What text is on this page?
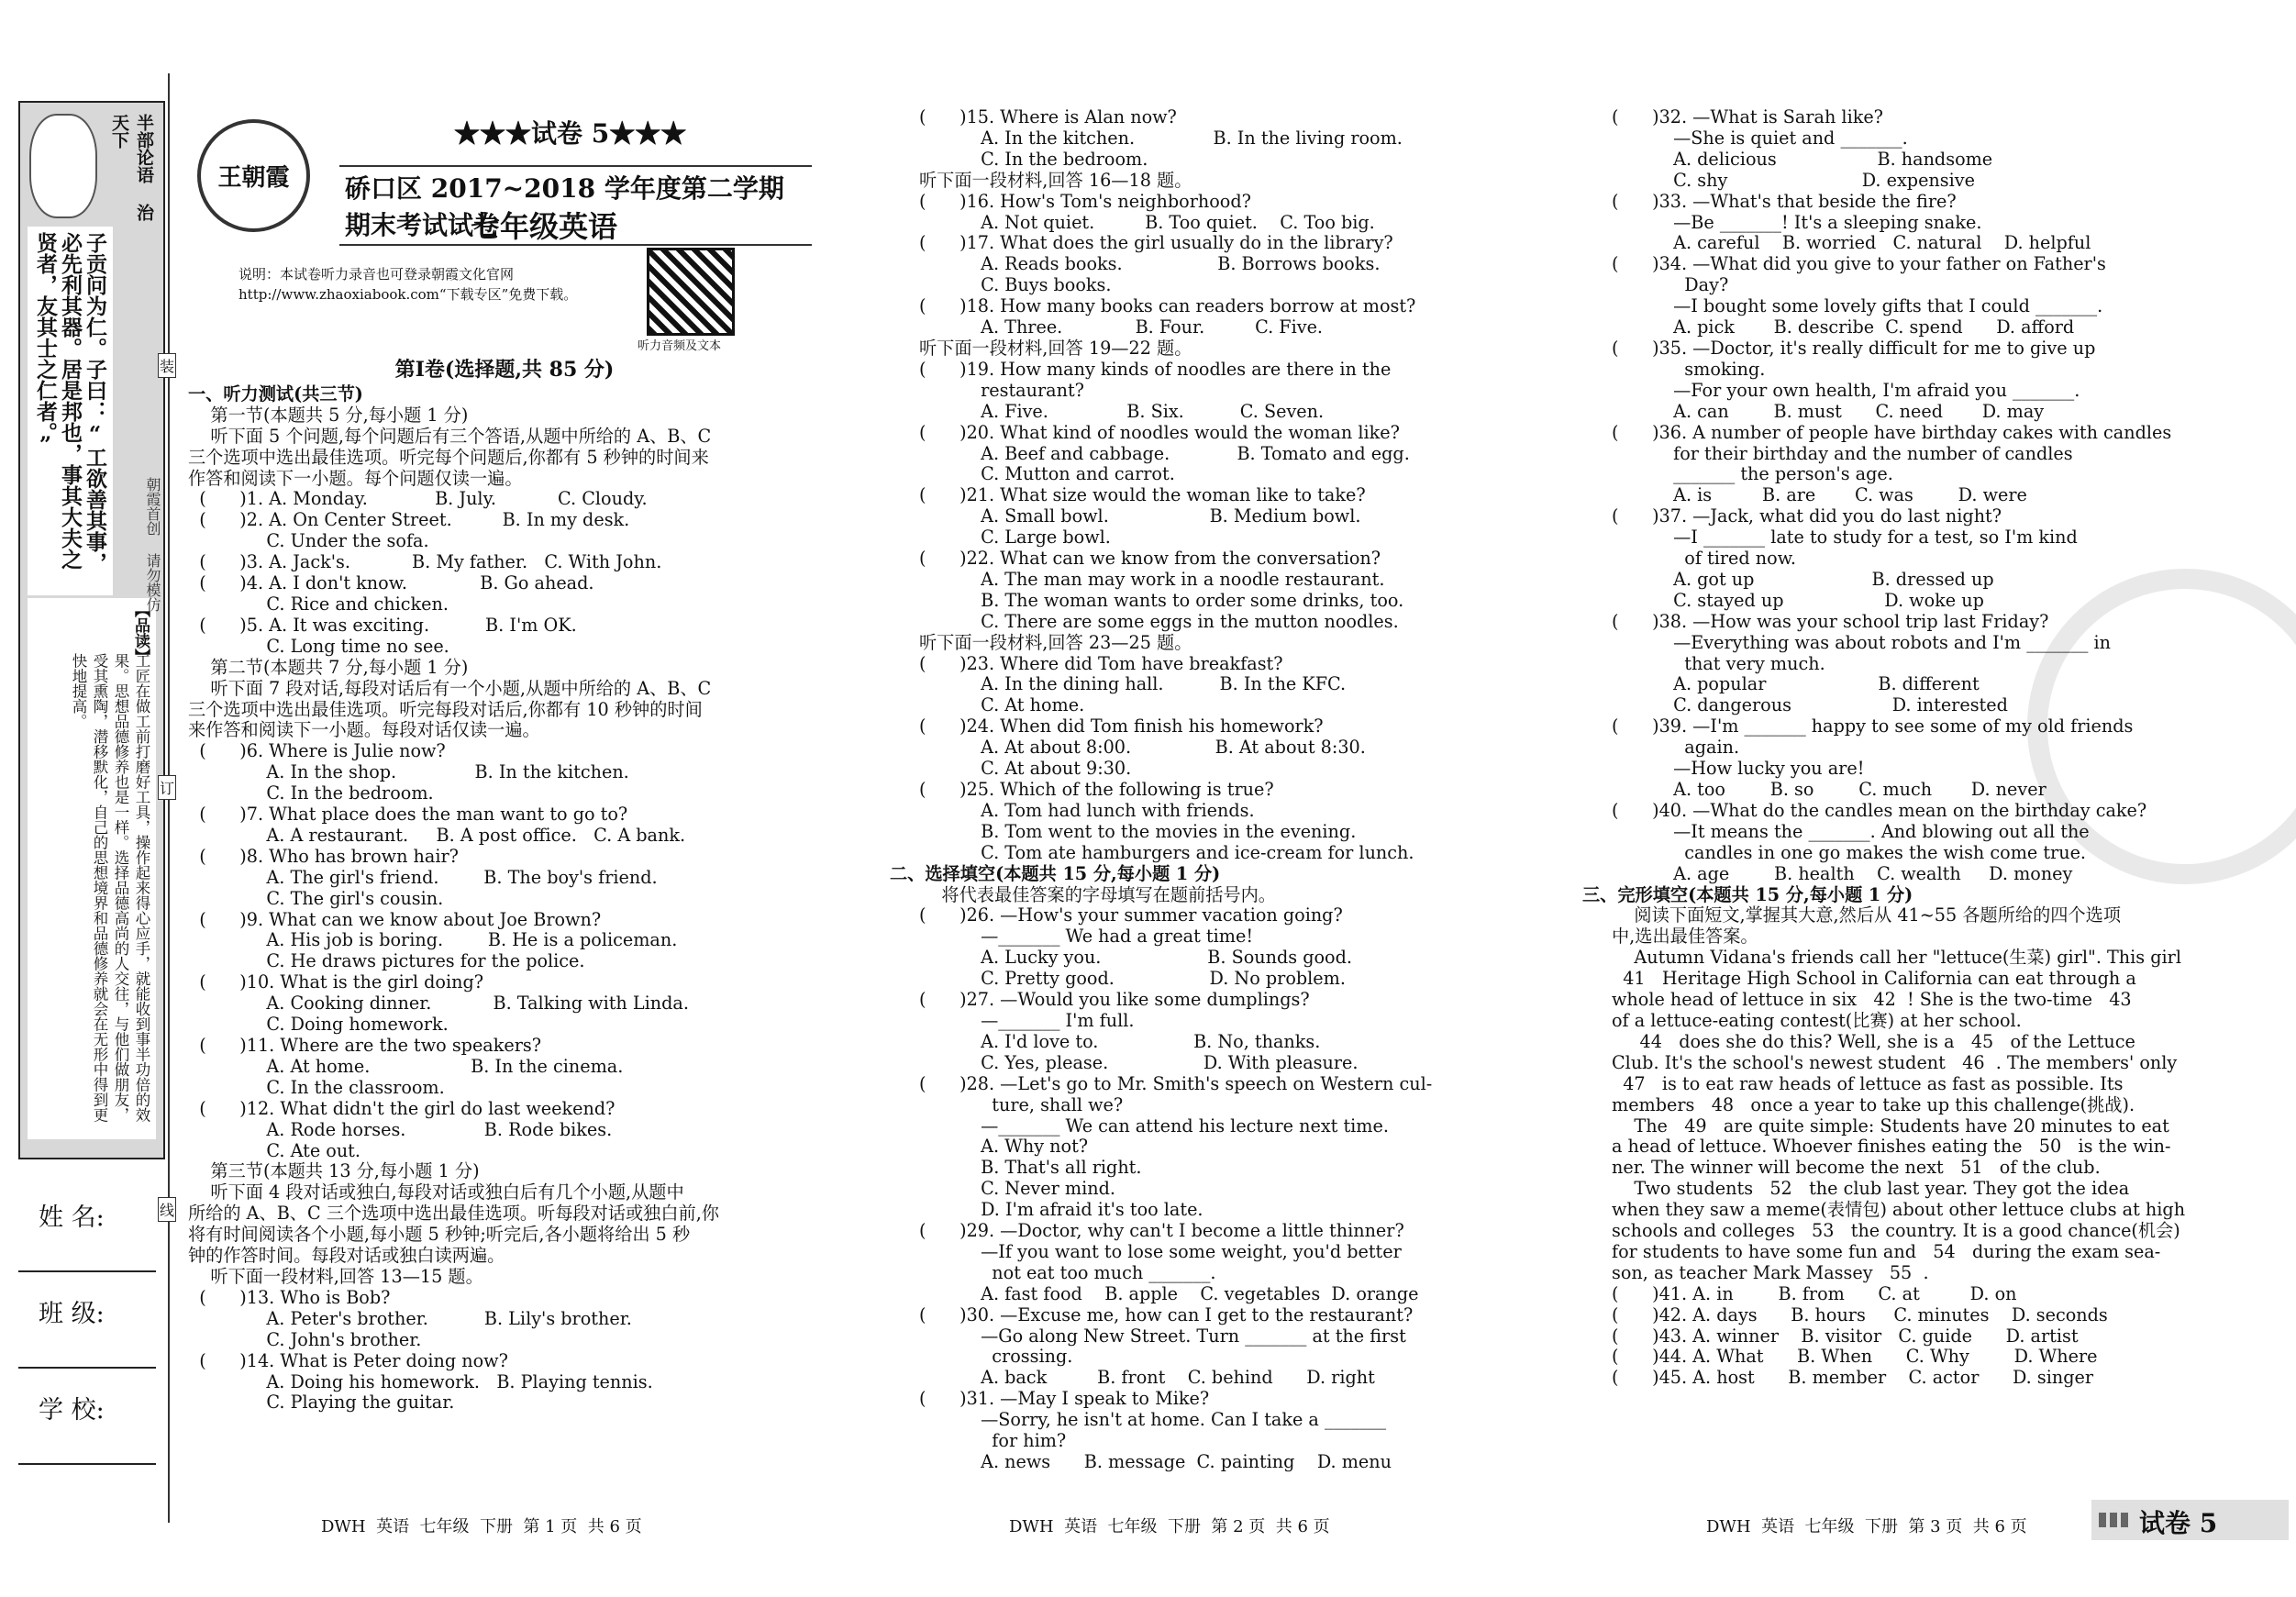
半部论语 治天下
子贡问为仁。子曰：“工欲善其事，必先利其器。居是邦也，事其大夫之贤者，友其士之仁者。”
【品读】
工匠在做工前打磨好工具，操作起来得心应手，就能收到事半功倍的效果。思想品德修养也是一样。选择品德高尚的人交往，与他们做朋友，受其熏陶，潜移默化，自己的思想境界和品德修养就会在无形中得到更快地提高。
朝霞首创 请勿模仿
姓 名:
班 级:
学 校:
装
订
线
王朝霞
★★★试卷 5★★★
硚口区 2017~2018 学年度第二学期期末考试试卷
七年级英语
说明：本试卷听力录音也可登录朝霞文化官网 http://www.zhaoxiabook.com“下载专区”免费下载。
听力音频及文本

第Ⅰ卷(选择题,共 85 分)

一、听力测试(共三节)

第一节(本题共 5 分,每小题 1 分)

听下面 5 个问题,每个问题后有三个答语,从题中所给的 A、B、C

三个选项中选出最佳选项。听完每个问题后,你都有 5 秒钟的时间来

作答和阅读下一小题。每个问题仅读一遍。

(      )1. A. Monday.            B. July.           C. Cloudy.

(      )2. A. On Center Street.         B. In my desk.

C. Under the sofa.

(      )3. A. Jack's.           B. My father.   C. With John.

(      )4. A. I don't know.             B. Go ahead.

C. Rice and chicken.

(      )5. A. It was exciting.          B. I'm OK.

C. Long time no see.

第二节(本题共 7 分,每小题 1 分)

听下面 7 段对话,每段对话后有一个小题,从题中所给的 A、B、C

三个选项中选出最佳选项。听完每段对话后,你都有 10 秒钟的时间

来作答和阅读下一小题。每段对话仅读一遍。

(      )6. Where is Julie now?

A. In the shop.              B. In the kitchen.

C. In the bedroom.

(      )7. What place does the man want to go to?

A. A restaurant.     B. A post office.   C. A bank.

(      )8. Who has brown hair?

A. The girl's friend.        B. The boy's friend.

C. The girl's cousin.

(      )9. What can we know about Joe Brown?

A. His job is boring.        B. He is a policeman.

C. He draws pictures for the police.

(      )10. What is the girl doing?

A. Cooking dinner.           B. Talking with Linda.

C. Doing homework.

(      )11. Where are the two speakers?

A. At home.                  B. In the cinema.

C. In the classroom.

(      )12. What didn't the girl do last weekend?

A. Rode horses.              B. Rode bikes.

C. Ate out.

第三节(本题共 13 分,每小题 1 分)

听下面 4 段对话或独白,每段对话或独白后有几个小题,从题中

所给的 A、B、C 三个选项中选出最佳选项。听每段对话或独白前,你

将有时间阅读各个小题,每小题 5 秒钟;听完后,各小题将给出 5 秒

钟的作答时间。每段对话或独白读两遍。

听下面一段材料,回答 13—15 题。

(      )13. Who is Bob?

A. Peter's brother.          B. Lily's brother.

C. John's brother.

(      )14. What is Peter doing now?

A. Doing his homework.   B. Playing tennis.

C. Playing the guitar.

(      )15. Where is Alan now?

A. In the kitchen.              B. In the living room.

C. In the bedroom.

听下面一段材料,回答 16—18 题。

(      )16. How's Tom's neighborhood?

A. Not quiet.         B. Too quiet.    C. Too big.

(      )17. What does the girl usually do in the library?

A. Reads books.                 B. Borrows books.

C. Buys books.

(      )18. How many books can readers borrow at most?

A. Three.             B. Four.         C. Five.

听下面一段材料,回答 19—22 题。

(      )19. How many kinds of noodles are there in the

restaurant?

A. Five.              B. Six.          C. Seven.

(      )20. What kind of noodles would the woman like?

A. Beef and cabbage.            B. Tomato and egg.

C. Mutton and carrot.

(      )21. What size would the woman like to take?

A. Small bowl.                  B. Medium bowl.

C. Large bowl.

(      )22. What can we know from the conversation?

A. The man may work in a noodle restaurant.

B. The woman wants to order some drinks, too.

C. There are some eggs in the mutton noodles.

听下面一段材料,回答 23—25 题。

(      )23. Where did Tom have breakfast?

A. In the dining hall.          B. In the KFC.

C. At home.

(      )24. When did Tom finish his homework?

A. At about 8:00.               B. At about 8:30.

C. At about 9:30.

(      )25. Which of the following is true?

A. Tom had lunch with friends.

B. Tom went to the movies in the evening.

C. Tom ate hamburgers and ice-cream for lunch.

二、选择填空(本题共 15 分,每小题 1 分)

将代表最佳答案的字母填写在题前括号内。

(      )26. —How's your summer vacation going?

—_______ We had a great time!

A. Lucky you.                   B. Sounds good.

C. Pretty good.                 D. No problem.

(      )27. —Would you like some dumplings?

—_______ I'm full.

A. I'd love to.                 B. No, thanks.

C. Yes, please.                 D. With pleasure.

(      )28. —Let's go to Mr. Smith's speech on Western cul-

ture, shall we?

—_______ We can attend his lecture next time.

A. Why not?

B. That's all right.

C. Never mind.

D. I'm afraid it's too late.

(      )29. —Doctor, why can't I become a little thinner?

—If you want to lose some weight, you'd better

not eat too much _______.

A. fast food    B. apple    C. vegetables  D. orange

(      )30. —Excuse me, how can I get to the restaurant?

—Go along New Street. Turn _______ at the first

crossing.

A. back         B. front    C. behind      D. right

(      )31. —May I speak to Mike?

—Sorry, he isn't at home. Can I take a _______

for him?

A. news      B. message  C. painting    D. menu

(      )32. —What is Sarah like?

—She is quiet and _______.

A. delicious                  B. handsome

C. shy                        D. expensive

(      )33. —What's that beside the fire?

—Be _______! It's a sleeping snake.

A. careful    B. worried   C. natural    D. helpful

(      )34. —What did you give to your father on Father's

Day?

—I bought some lovely gifts that I could _______.

A. pick       B. describe  C. spend      D. afford

(      )35. —Doctor, it's really difficult for me to give up

smoking.

—For your own health, I'm afraid you _______.

A. can        B. must      C. need       D. may

(      )36. A number of people have birthday cakes with candles

for their birthday and the number of candles

_______ the person's age.

A. is         B. are       C. was        D. were

(      )37. —Jack, what did you do last night?

—I _______ late to study for a test, so I'm kind

of tired now.

A. got up                     B. dressed up

C. stayed up                  D. woke up

(      )38. —How was your school trip last Friday?

—Everything was about robots and I'm _______ in

that very much.

A. popular                    B. different

C. dangerous                  D. interested

(      )39. —I'm _______ happy to see some of my old friends

again.

—How lucky you are!

A. too        B. so        C. much       D. never

(      )40. —What do the candles mean on the birthday cake?

—It means the _______. And blowing out all the

candles in one go makes the wish come true.

A. age        B. health    C. wealth     D. money

三、完形填空(本题共 15 分,每小题 1 分)

阅读下面短文,掌握其大意,然后从 41~55 各题所给的四个选项

中,选出最佳答案。

Autumn Vidana's friends call her "lettuce(生菜) girl". This girl

41   Heritage High School in California can eat through a

whole head of lettuce in six   42  ! She is the two-time   43

of a lettuce-eating contest(比赛) at her school.

44   does she do this? Well, she is a   45   of the Lettuce

Club. It's the school's newest student   46  . The members' only

47   is to eat raw heads of lettuce as fast as possible. Its

members   48   once a year to take up this challenge(挑战).

The   49   are quite simple: Students have 20 minutes to eat

a head of lettuce. Whoever finishes eating the   50   is the win-

ner. The winner will become the next   51   of the club.

Two students   52   the club last year. They got the idea

when they saw a meme(表情包) about other lettuce clubs at high

schools and colleges   53   the country. It is a good chance(机会)

for students to have some fun and   54   during the exam sea-

son, as teacher Mark Massey   55  .

(      )41. A. in        B. from      C. at         D. on

(      )42. A. days      B. hours     C. minutes    D. seconds

(      )43. A. winner    B. visitor   C. guide      D. artist

(      )44. A. What      B. When      C. Why        D. Where

(      )45. A. host      B. member    C. actor      D. singer

DWH  英语  七年级  下册  第 1 页  共 6 页	DWH  英语  七年级  下册  第 2 页  共 6 页	DWH  英语  七年级  下册  第 3 页  共 6 页	试卷 5
